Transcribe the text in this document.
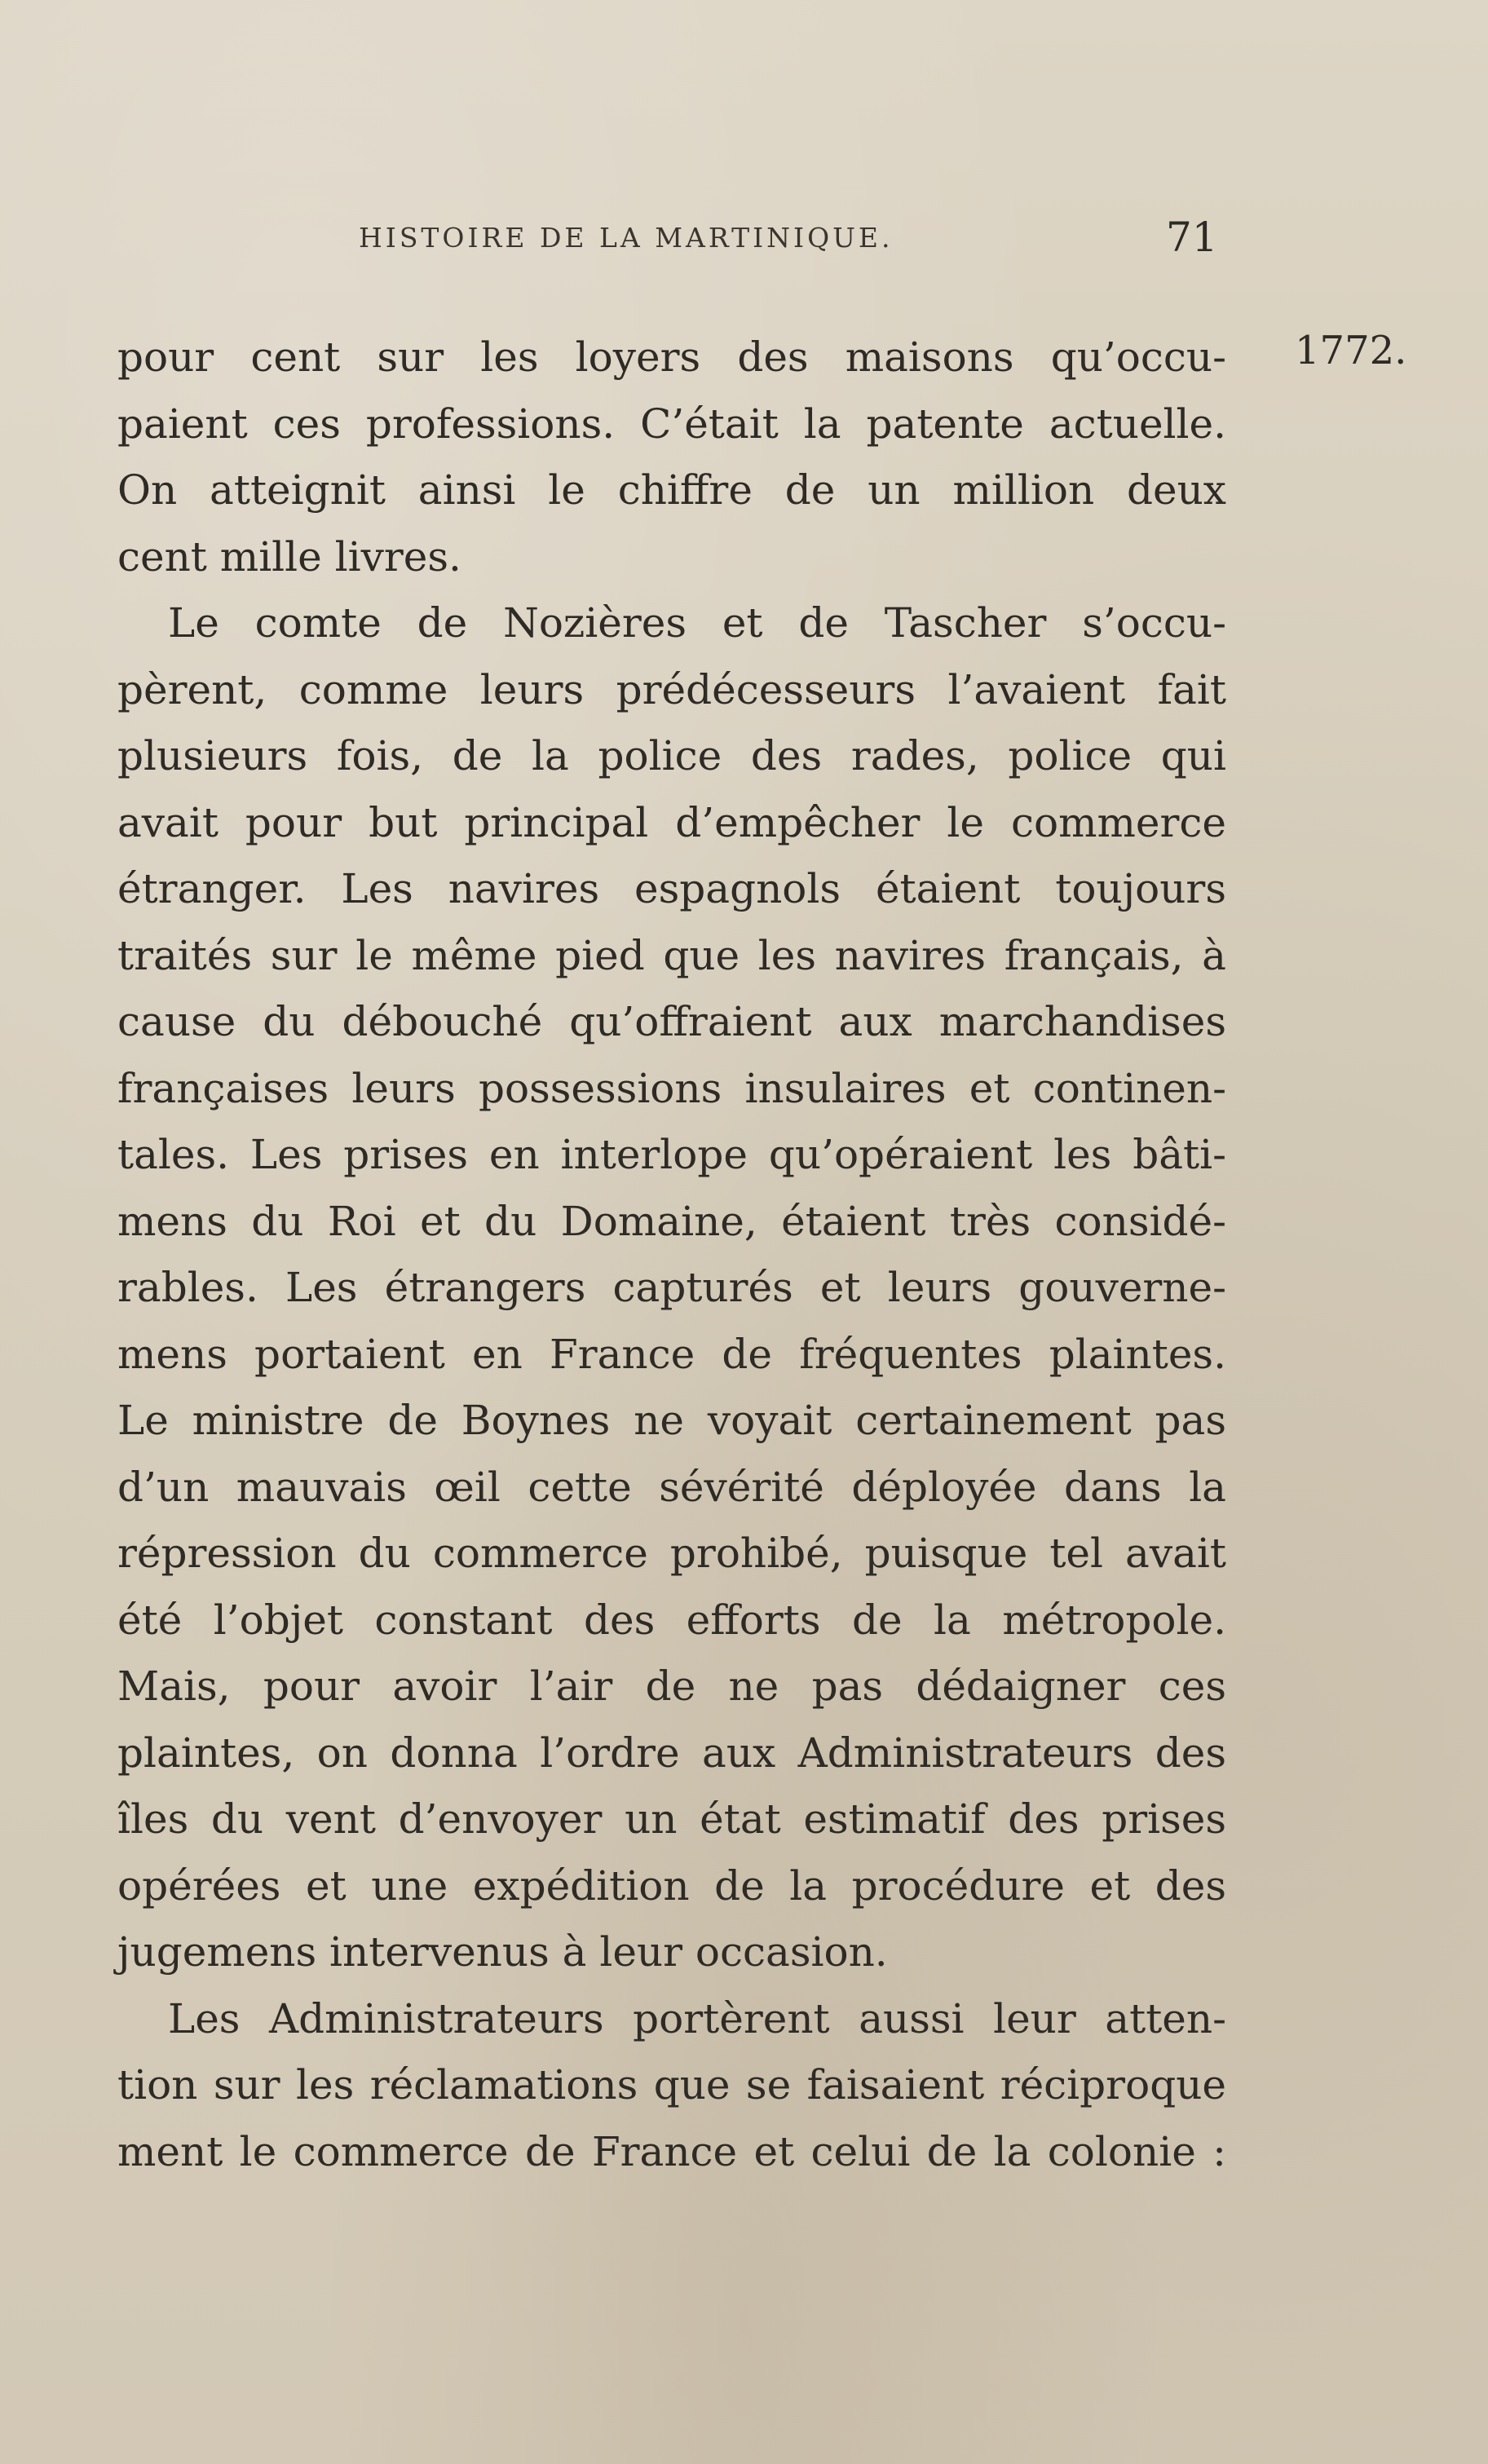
HISTOIRE DE LA MARTINIQUE.	71
1772.
pour cent sur les loyers des maisons qu’occu-
paient ces professions. C’était la patente actuelle.
On atteignit ainsi le chiffre de un million deux
cent mille livres.
Le comte de Nozières et de Tascher s’occu-
pèrent, comme leurs prédécesseurs l’avaient fait
plusieurs fois, de la police des rades, police qui
avait pour but principal d’empêcher le commerce
étranger. Les navires espagnols étaient toujours
traités sur le même pied que les navires français, à
cause du débouché qu’offraient aux marchandises
françaises leurs possessions insulaires et continen-
tales. Les prises en interlope qu’opéraient les bâti-
mens du Roi et du Domaine, étaient très considé-
rables. Les étrangers capturés et leurs gouverne-
mens portaient en France de fréquentes plaintes.
Le ministre de Boynes ne voyait certainement pas
d’un mauvais œil cette sévérité déployée dans la
répression du commerce prohibé, puisque tel avait
été l’objet constant des efforts de la métropole.
Mais, pour avoir l’air de ne pas dédaigner ces
plaintes, on donna l’ordre aux Administrateurs des
îles du vent d’envoyer un état estimatif des prises
opérées et une expédition de la procédure et des
jugemens intervenus à leur occasion.
Les Administrateurs portèrent aussi leur atten-
tion sur les réclamations que se faisaient réciproque
ment le commerce de France et celui de la colonie :
